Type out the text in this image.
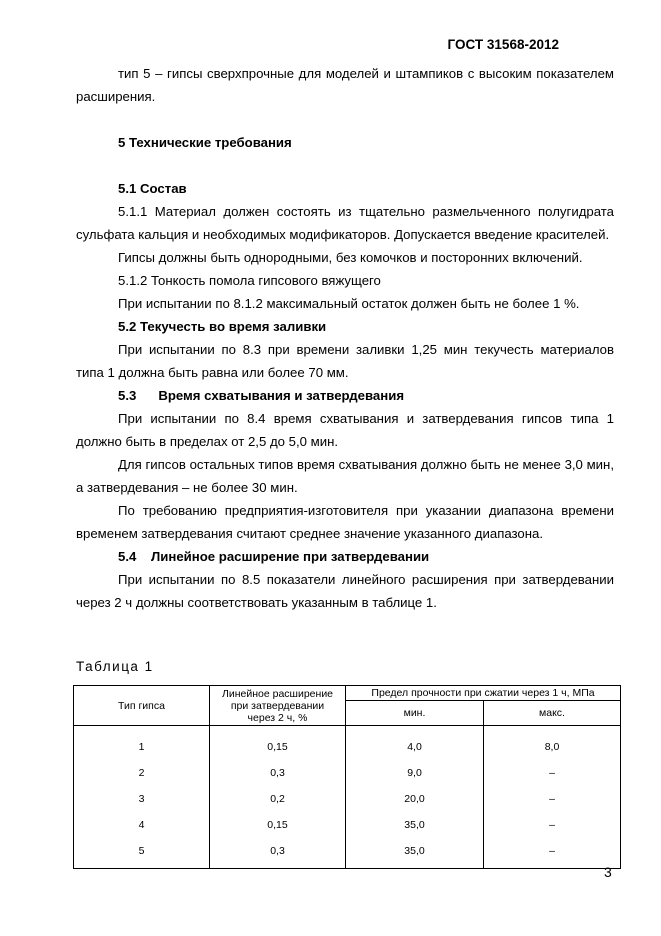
ГОСТ 31568-2012

тип 5 – гипсы сверхпрочные для моделей и штампиков с высоким показателем расширения.

5 Технические требования

5.1 Состав

5.1.1 Материал должен состоять из тщательно размельченного полугидрата сульфата кальция и необходимых модификаторов. Допускается введение красителей.

Гипсы должны быть однородными, без комочков и посторонних включений.

5.1.2 Тонкость помола гипсового вяжущего

При испытании по 8.1.2 максимальный остаток должен быть не более 1 %.

5.2 Текучесть во время заливки

При испытании по 8.3 при времени заливки 1,25 мин текучесть материалов типа 1 должна быть равна или более 70 мм.

5.3      Время схватывания и затвердевания

При испытании по 8.4 время схватывания и затвердевания гипсов типа 1 должно быть в пределах от 2,5 до 5,0 мин.

Для гипсов остальных типов время схватывания должно быть не менее 3,0 мин, а затвердевания – не более 30 мин.

По требованию предприятия-изготовителя при указании диапазона времени временем затвердевания считают среднее значение указанного диапазона.

5.4    Линейное расширение при затвердевании

При испытании по 8.5 показатели линейного расширения при затвердевании через 2 ч должны соответствовать указанным в таблице 1.

Таблица 1
Тип гипса	Линейное расширение при затвердевании через 2 ч, %	Предел прочности при сжатии через 1 ч, МПа	
		мин.	макс.
1	0,15	4,0	8,0
2	0,3	9,0	–
3	0,2	20,0	–
4	0,15	35,0	–
5	0,3	35,0	–
3
